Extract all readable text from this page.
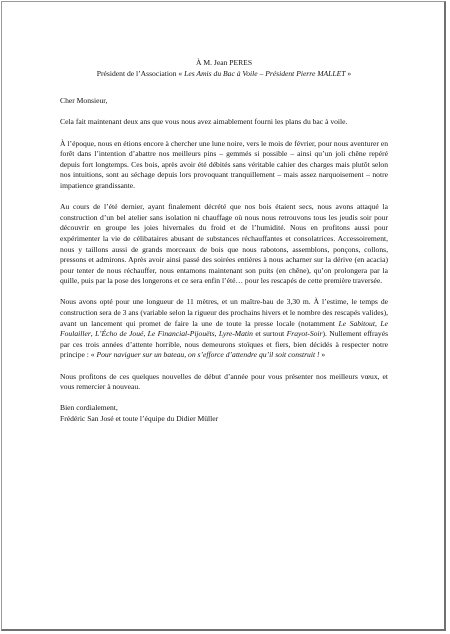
À M. Jean PERES
Président de l’Association « Les Amis du Bac à Voile – Président Pierre MALLET »

Cher Monsieur,

Cela fait maintenant deux ans que vous nous avez aimablement fourni les plans du bac à voile.

À l’époque, nous en étions encore à chercher une lune noire, vers le mois de février, pour nous aventurer en forêt dans l’intention d’abattre nos meilleurs pins – gemmés si possible – ainsi qu’un joli chêne repéré depuis fort longtemps. Ces bois, après avoir été débités sans véritable cahier des charges mais plutôt selon nos intuitions, sont au séchage depuis lors provoquant tranquillement – mais assez narquoisement – notre impatience grandissante.

Au cours de l’été dernier, ayant finalement décrété que nos bois étaient secs, nous avons attaqué la construction d’un bel atelier sans isolation ni chauffage où nous nous retrouvons tous les jeudis soir pour découvrir en groupe les joies hivernales du froid et de l’humidité. Nous en profitons aussi pour expérimenter la vie de célibataires abusant de substances réchauffantes et consolatrices. Accessoirement, nous y taillons aussi de grands morceaux de bois que nous rabotons, assemblons, ponçons, collons, pressons et admirons. Après avoir ainsi passé des soirées entières à nous acharner sur la dérive (en acacia) pour tenter de nous réchauffer, nous entamons maintenant son puits (en chêne), qu’on prolongera par la quille, puis par la pose des longerons et ce sera enfin l’été… pour les rescapés de cette première traversée.

Nous avons opté pour une longueur de 11 mètres, et un maître-bau de 3,30 m. À l’estime, le temps de construction sera de 3 ans (variable selon la rigueur des prochains hivers et le nombre des rescapés valides), avant un lancement qui promet de faire la une de toute la presse locale (notamment Le Sabitout, Le Foulailler, L’Écho de Joué, Le Financial-Pijouëts, Lyre-Matin et surtout Frayot-Soir). Nullement effrayés par ces trois années d’attente horrible, nous demeurons stoïques et fiers, bien décidés à respecter notre principe : « Pour naviguer sur un bateau, on s’efforce d’attendre qu’il soit construit ! »

Nous profitons de ces quelques nouvelles de début d’année pour vous présenter nos meilleurs vœux, et vous remercier à nouveau.

Bien cordialement,

Frédéric San José et toute l’équipe du Didier Müller
